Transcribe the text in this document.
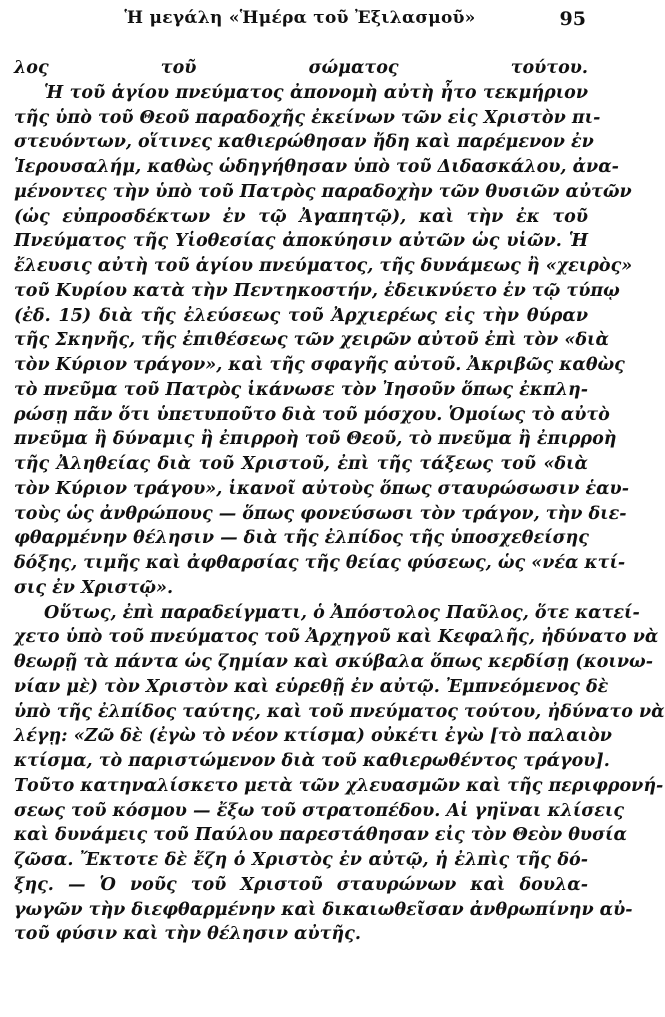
Ἡ μεγάλη «Ἡμέρα τοῦ Ἐξιλασμοῦ»	95
λος τοῦ σώματος τούτου.
Ἡ τοῦ ἁγίου πνεύματος ἀπονομὴ αὐτὴ ἦτο τεκμήριον
τῆς ὑπὸ τοῦ Θεοῦ παραδοχῆς ἐκείνων τῶν εἰς Χριστὸν πι-
στευόντων, οἵτινες καθιερώθησαν ἤδη καὶ παρέμενον ἐν
Ἱερουσαλήμ, καθὼς ὡδηγήθησαν ὑπὸ τοῦ Διδασκάλου, ἀνα-
μένοντες τὴν ὑπὸ τοῦ Πατρὸς παραδοχὴν τῶν θυσιῶν αὐτῶν
(ὡς εὐπροσδέκτων ἐν τῷ Ἀγαπητῷ), καὶ τὴν ἐκ τοῦ
Πνεύματος τῆς Υἱοθεσίας ἀποκύησιν αὐτῶν ὡς υἱῶν. Ἡ
ἔλευσις αὐτὴ τοῦ ἁγίου πνεύματος, τῆς δυνάμεως ἢ «χειρὸς»
τοῦ Κυρίου κατὰ τὴν Πεντηκοστήν, ἐδεικνύετο ἐν τῷ τύπῳ
(ἐδ. 15) διὰ τῆς ἐλεύσεως τοῦ Ἀρχιερέως εἰς τὴν θύραν
τῆς Σκηνῆς, τῆς ἐπιθέσεως τῶν χειρῶν αὐτοῦ ἐπὶ τὸν «διὰ
τὸν Κύριον τράγον», καὶ τῆς σφαγῆς αὐτοῦ. Ἀκριβῶς καθὼς
τὸ πνεῦμα τοῦ Πατρὸς ἱκάνωσε τὸν Ἰησοῦν ὅπως ἐκπλη-
ρώσῃ πᾶν ὅτι ὑπετυποῦτο διὰ τοῦ μόσχου. Ὁμοίως τὸ αὐτὸ
πνεῦμα ἢ δύναμις ἢ ἐπιρροὴ τοῦ Θεοῦ, τὸ πνεῦμα ἢ ἐπιρροὴ
τῆς Ἀληθείας διὰ τοῦ Χριστοῦ, ἐπὶ τῆς τάξεως τοῦ «διὰ
τὸν Κύριον τράγου», ἱκανοῖ αὐτοὺς ὅπως σταυρώσωσιν ἑαυ-
τοὺς ὡς ἀνθρώπους — ὅπως φονεύσωσι τὸν τράγον, τὴν διε-
φθαρμένην θέλησιν — διὰ τῆς ἐλπίδος τῆς ὑποσχεθείσης
δόξης, τιμῆς καὶ ἀφθαρσίας τῆς θείας φύσεως, ὡς «νέα κτί-
σις ἐν Χριστῷ».
Οὕτως, ἐπὶ παραδείγματι, ὁ Ἀπόστολος Παῦλος, ὅτε κατεί-
χετο ὑπὸ τοῦ πνεύματος τοῦ Ἀρχηγοῦ καὶ Κεφαλῆς, ἠδύνατο νὰ
θεωρῇ τὰ πάντα ὡς ζημίαν καὶ σκύβαλα ὅπως κερδίσῃ (κοινω-
νίαν μὲ) τὸν Χριστὸν καὶ εὑρεθῇ ἐν αὐτῷ. Ἐμπνεόμενος δὲ
ὑπὸ τῆς ἐλπίδος ταύτης, καὶ τοῦ πνεύματος τούτου, ἠδύνατο νὰ
λέγῃ: «Ζῶ δὲ (ἐγὼ τὸ νέον κτίσμα) οὐκέτι ἐγὼ [τὸ παλαιὸν
κτίσμα, τὸ παριστώμενον διὰ τοῦ καθιερωθέντος τράγου].
Τοῦτο κατηναλίσκετο μετὰ τῶν χλευασμῶν καὶ τῆς περιφρονή-
σεως τοῦ κόσμου — ἔξω τοῦ στρατοπέδου. Αἱ γηϊναι κλίσεις
καὶ δυνάμεις τοῦ Παύλου παρεστάθησαν εἰς τὸν Θεὸν θυσία
ζῶσα. Ἔκτοτε δὲ ἔζη ὁ Χριστὸς ἐν αὐτῷ, ἡ ἐλπὶς τῆς δό-
ξης. — Ὁ νοῦς τοῦ Χριστοῦ σταυρώνων καὶ δουλα-
γωγῶν τὴν διεφθαρμένην καὶ δικαιωθεῖσαν ἀνθρωπίνην αὐ-
τοῦ φύσιν καὶ τὴν θέλησιν αὐτῆς.
